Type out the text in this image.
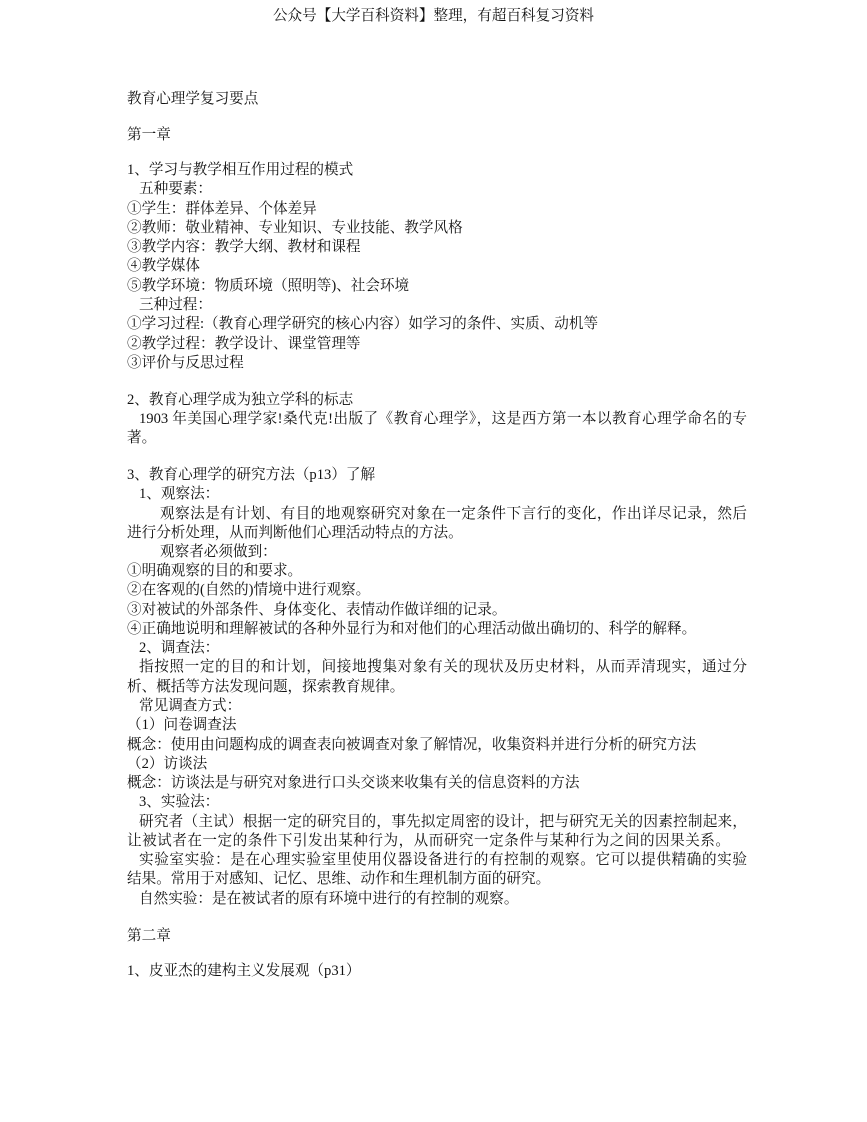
公众号【大学百科资料】整理，有超百科复习资料
教育心理学复习要点
第一章
1、学习与教学相互作用过程的模式
五种要素：
①学生：群体差异、个体差异
②教师：敬业精神、专业知识、专业技能、教学风格
③教学内容：教学大纲、教材和课程
④教学媒体
⑤教学环境：物质环境（照明等)、社会环境
三种过程：
①学习过程:（教育心理学研究的核心内容）如学习的条件、实质、动机等
②教学过程：教学设计、课堂管理等
③评价与反思过程
2、教育心理学成为独立学科的标志
1903 年美国心理学家!桑代克!出版了《教育心理学》，这是西方第一本以教育心理学命名的专
著。
3、教育心理学的研究方法（p13）了解
1、观察法：
观察法是有计划、有目的地观察研究对象在一定条件下言行的变化，作出详尽记录，然后
进行分析处理，从而判断他们心理活动特点的方法。
观察者必须做到：
①明确观察的目的和要求。
②在客观的(自然的)情境中进行观察。
③对被试的外部条件、身体变化、表情动作做详细的记录。
④正确地说明和理解被试的各种外显行为和对他们的心理活动做出确切的、科学的解释。
2、调查法：
指按照一定的目的和计划，间接地搜集对象有关的现状及历史材料，从而弄清现实，通过分
析、概括等方法发现问题，探索教育规律。
常见调查方式：
（1）问卷调查法
概念：使用由问题构成的调查表向被调查对象了解情况，收集资料并进行分析的研究方法
（2）访谈法
概念：访谈法是与研究对象进行口头交谈来收集有关的信息资料的方法
3、实验法：
研究者（主试）根据一定的研究目的，事先拟定周密的设计，把与研究无关的因素控制起来，
让被试者在一定的条件下引发出某种行为，从而研究一定条件与某种行为之间的因果关系。
实验室实验：是在心理实验室里使用仪器设备进行的有控制的观察。它可以提供精确的实验
结果。常用于对感知、记忆、思维、动作和生理机制方面的研究。
自然实验：是在被试者的原有环境中进行的有控制的观察。
第二章
1、皮亚杰的建构主义发展观（p31）
